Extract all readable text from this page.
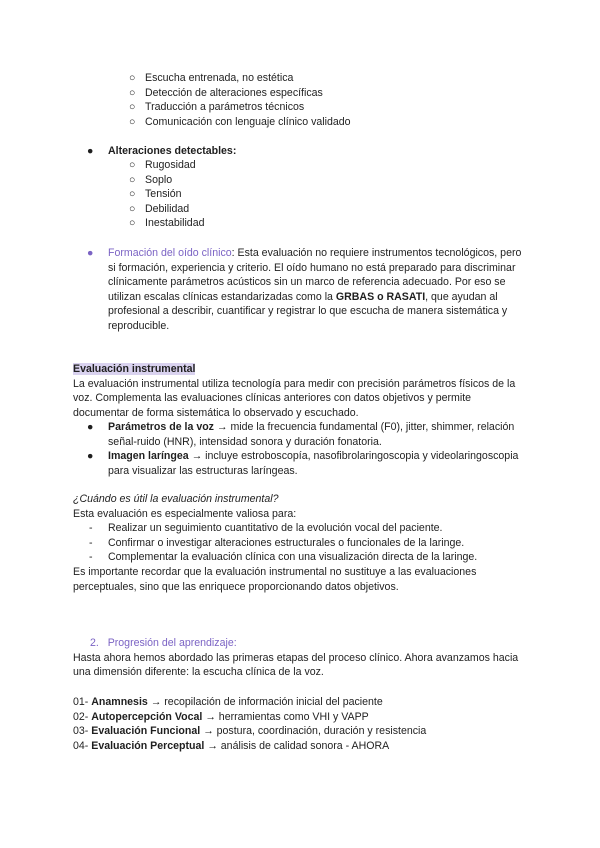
○ Escucha entrenada, no estética
○ Detección de alteraciones específicas
○ Traducción a parámetros técnicos
○ Comunicación con lenguaje clínico validado
● Alteraciones detectables:
○ Rugosidad
○ Soplo
○ Tensión
○ Debilidad
○ Inestabilidad
● Formación del oído clínico: Esta evaluación no requiere instrumentos tecnológicos, pero si formación, experiencia y criterio. El oído humano no está preparado para discriminar clínicamente parámetros acústicos sin un marco de referencia adecuado. Por eso se utilizan escalas clínicas estandarizadas como la GRBAS o RASATI, que ayudan al profesional a describir, cuantificar y registrar lo que escucha de manera sistemática y reproducible.

Evaluación instrumental

La evaluación instrumental utiliza tecnología para medir con precisión parámetros físicos de la voz. Complementa las evaluaciones clínicas anteriores con datos objetivos y permite documentar de forma sistemática lo observado y escuchado.

● Parámetros de la voz → mide la frecuencia fundamental (F0), jitter, shimmer, relación señal-ruido (HNR), intensidad sonora y duración fonatoria.
● Imagen laríngea → incluye estroboscopía, nasofibrolaringoscopia y videolaringoscopia para visualizar las estructuras laríngeas.

¿Cuándo es útil la evaluación instrumental?

Esta evaluación es especialmente valiosa para:

- Realizar un seguimiento cuantitativo de la evolución vocal del paciente.
- Confirmar o investigar alteraciones estructurales o funcionales de la laringe.
- Complementar la evaluación clínica con una visualización directa de la laringe.

Es importante recordar que la evaluación instrumental no sustituye a las evaluaciones perceptuales, sino que las enriquece proporcionando datos objetivos.

2. Progresión del aprendizaje:

Hasta ahora hemos abordado las primeras etapas del proceso clínico. Ahora avanzamos hacia una dimensión diferente: la escucha clínica de la voz.

01- Anamnesis → recopilación de información inicial del paciente

02- Autopercepción Vocal → herramientas como VHI y VAPP

03- Evaluación Funcional → postura, coordinación, duración y resistencia

04- Evaluación Perceptual → análisis de calidad sonora - AHORA
